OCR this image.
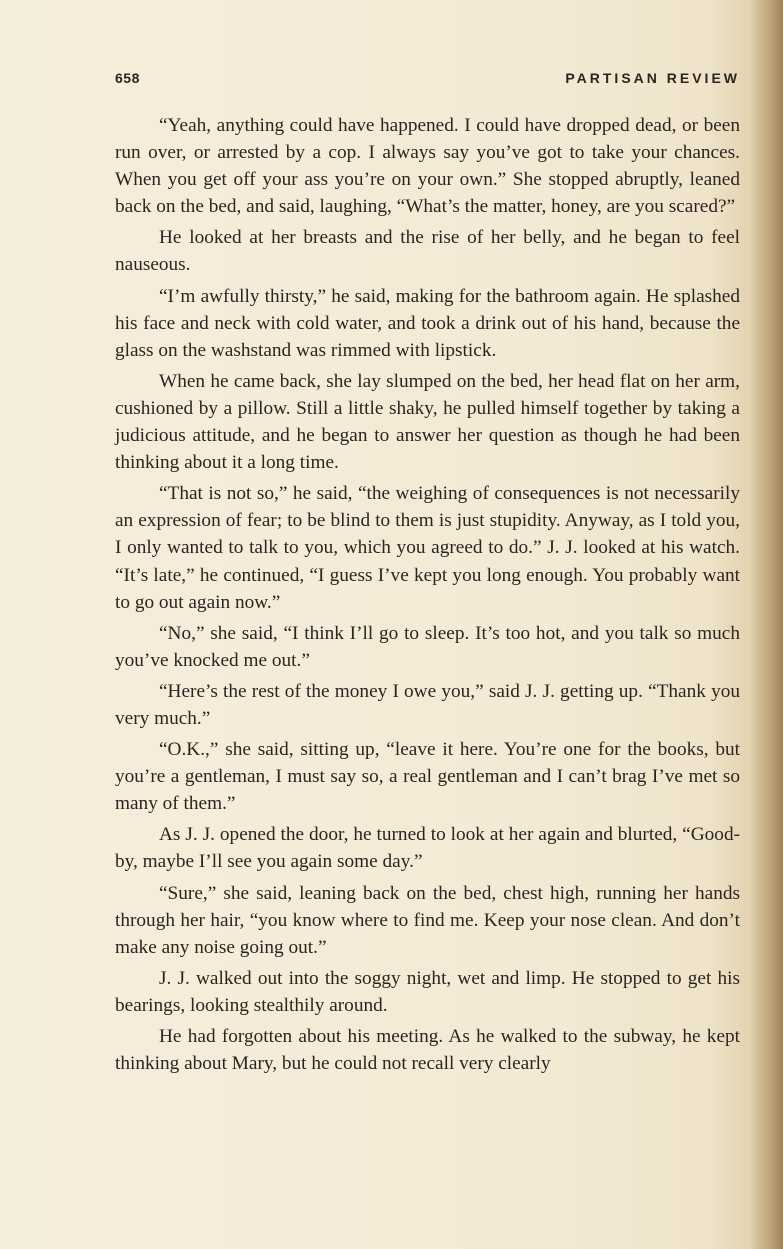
658	PARTISAN REVIEW

“Yeah, anything could have happened. I could have dropped dead, or been run over, or arrested by a cop. I always say you’ve got to take your chances. When you get off your ass you’re on your own.” She stopped abruptly, leaned back on the bed, and said, laughing, “What’s the matter, honey, are you scared?”

He looked at her breasts and the rise of her belly, and he began to feel nauseous.

“I’m awfully thirsty,” he said, making for the bathroom again. He splashed his face and neck with cold water, and took a drink out of his hand, because the glass on the washstand was rimmed with lipstick.

When he came back, she lay slumped on the bed, her head flat on her arm, cushioned by a pillow. Still a little shaky, he pulled himself together by taking a judicious attitude, and he began to answer her question as though he had been thinking about it a long time.

“That is not so,” he said, “the weighing of consequences is not necessarily an expression of fear; to be blind to them is just stupidity. Anyway, as I told you, I only wanted to talk to you, which you agreed to do.” J. J. looked at his watch. “It’s late,” he continued, “I guess I’ve kept you long enough. You probably want to go out again now.”

“No,” she said, “I think I’ll go to sleep. It’s too hot, and you talk so much you’ve knocked me out.”

“Here’s the rest of the money I owe you,” said J. J. getting up. “Thank you very much.”

“O.K.,” she said, sitting up, “leave it here. You’re one for the books, but you’re a gentleman, I must say so, a real gentleman and I can’t brag I’ve met so many of them.”

As J. J. opened the door, he turned to look at her again and blurted, “Good-by, maybe I’ll see you again some day.”

“Sure,” she said, leaning back on the bed, chest high, running her hands through her hair, “you know where to find me. Keep your nose clean. And don’t make any noise going out.”

J. J. walked out into the soggy night, wet and limp. He stopped to get his bearings, looking stealthily around.

He had forgotten about his meeting. As he walked to the subway, he kept thinking about Mary, but he could not recall very clearly
